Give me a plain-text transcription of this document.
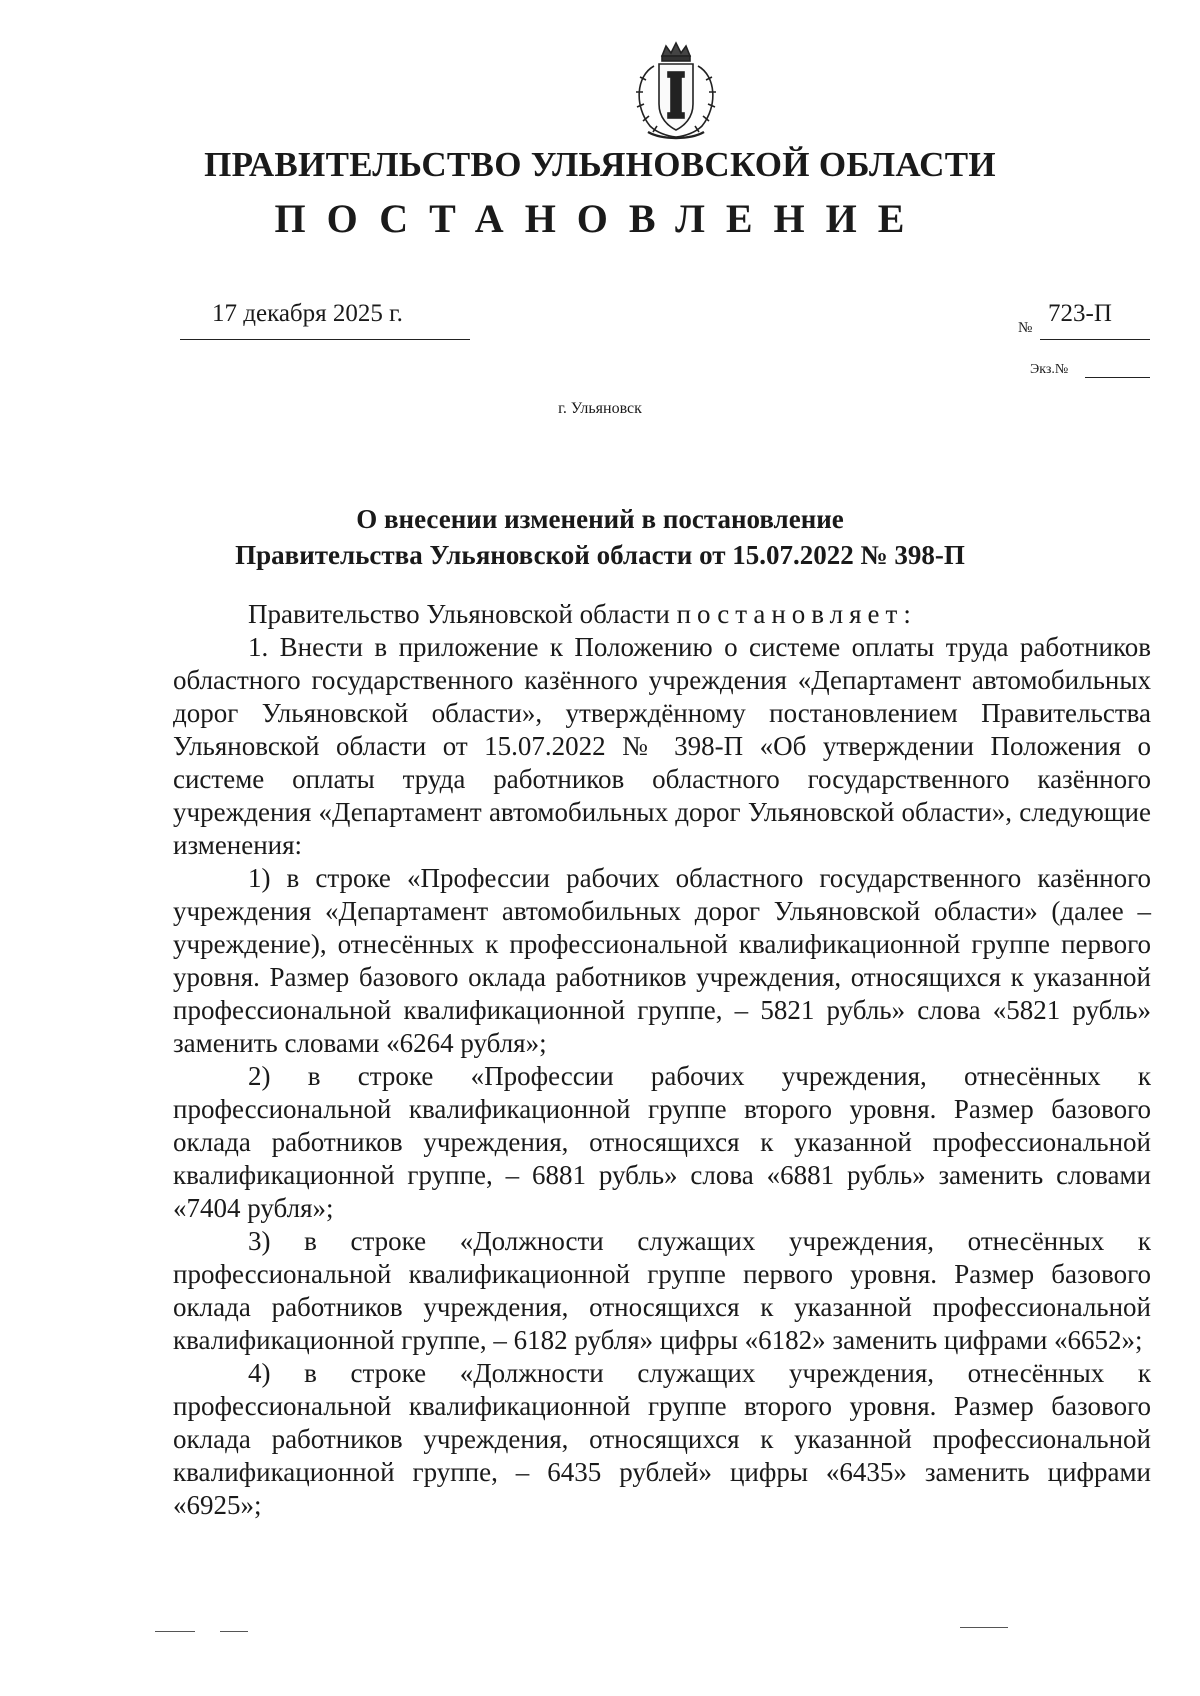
ПРАВИТЕЛЬСТВО УЛЬЯНОВСКОЙ ОБЛАСТИ
ПОСТАНОВЛЕНИЕ
17 декабря 2025 г.
№
723-П
Экз.№
г. Ульяновск
О внесении изменений в постановление
Правительства Ульяновской области от 15.07.2022 № 398-П

Правительство Ульяновской области постановляет:

1. Внести в приложение к Положению о системе оплаты труда работников областного государственного казённого учреждения «Департамент автомобильных дорог Ульяновской области», утверждённому постановлением Правительства Ульяновской области от 15.07.2022 № 398-П «Об утверждении Положения о системе оплаты труда работников областного государственного казённого учреждения «Департамент автомобильных дорог Ульяновской области», следующие изменения:

1) в строке «Профессии рабочих областного государственного казённого учреждения «Департамент автомобильных дорог Ульяновской области» (далее – учреждение), отнесённых к профессиональной квалификационной группе первого уровня. Размер базового оклада работников учреждения, относящихся к указанной профессиональной квалификационной группе, – 5821 рубль» слова «5821 рубль» заменить словами «6264 рубля»;

2) в строке «Профессии рабочих учреждения, отнесённых к профессиональной квалификационной группе второго уровня. Размер базового оклада работников учреждения, относящихся к указанной профессиональной квалификационной группе, – 6881 рубль» слова «6881 рубль» заменить словами «7404 рубля»;

3) в строке «Должности служащих учреждения, отнесённых к профессиональной квалификационной группе первого уровня. Размер базового оклада работников учреждения, относящихся к указанной профессиональной квалификационной группе, – 6182 рубля» цифры «6182» заменить цифрами «6652»;

4) в строке «Должности служащих учреждения, отнесённых к профессиональной квалификационной группе второго уровня. Размер базового оклада работников учреждения, относящихся к указанной профессиональной квалификационной группе, – 6435 рублей» цифры «6435» заменить цифрами «6925»;
